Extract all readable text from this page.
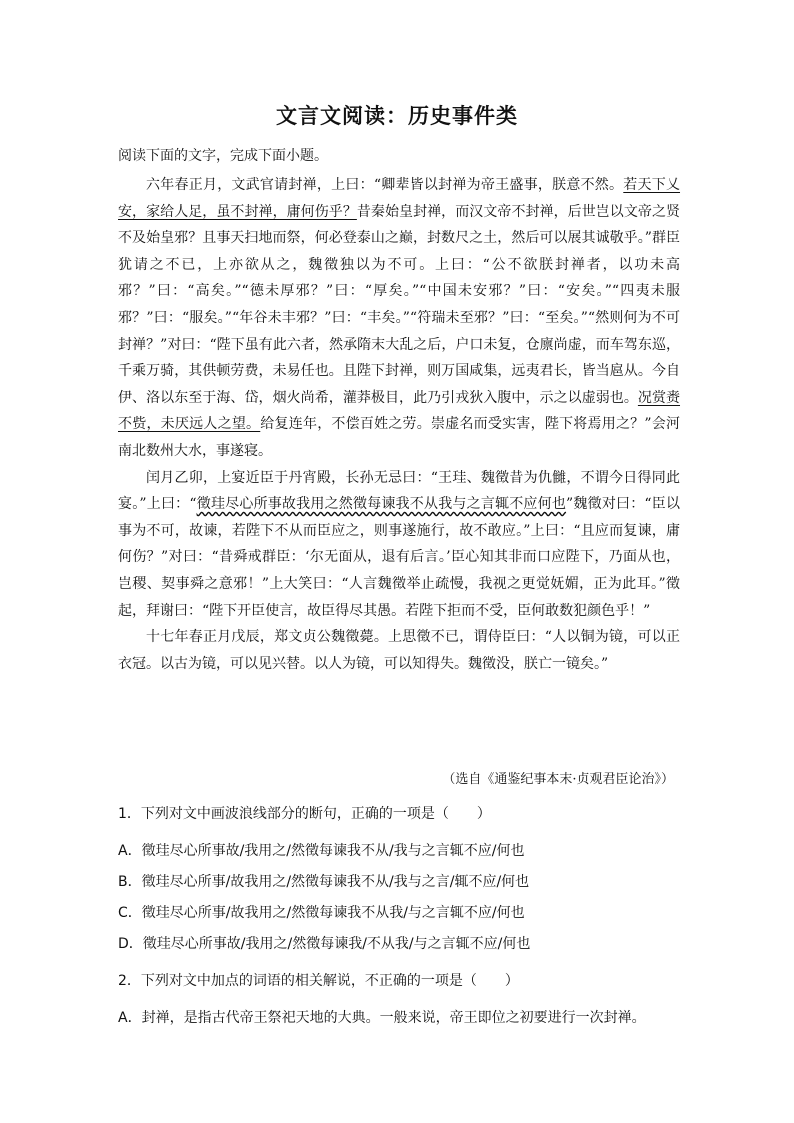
文言文阅读：历史事件类
阅读下面的文字，完成下面小题。

六年春正月，文武官请封禅，上曰：“卿辈皆以封禅为帝王盛事，朕意不然。若天下乂安，家给人足，虽不封禅，庸何伤乎？昔秦始皇封禅，而汉文帝不封禅，后世岂以文帝之贤不及始皇邪？且事天扫地而祭，何必登泰山之巅，封数尺之土，然后可以展其诚敬乎。”群臣犹请之不已，上亦欲从之，魏徵独以为不可。上曰：“公不欲朕封禅者，以功未高邪？”曰：“高矣。”“德未厚邪？”曰：“厚矣。”“中国未安邪？”曰：“安矣。”“四夷未服邪？”曰：“服矣。”“年谷未丰邪？”曰：“丰矣。”“符瑞未至邪？”曰：“至矣。”“然则何为不可封禅？”对曰：“陛下虽有此六者，然承隋末大乱之后，户口未复，仓廪尚虚，而车驾东巡，千乘万骑，其供顿劳费，未易任也。且陛下封禅，则万国咸集，远夷君长，皆当扈从。今自伊、洛以东至于海、岱，烟火尚希，灌莽极目，此乃引戎狄入腹中，示之以虚弱也。况赏赉不赀，未厌远人之望。给复连年，不偿百姓之劳。崇虚名而受实害，陛下将焉用之？”会河南北数州大水，事遂寝。

闰月乙卯，上宴近臣于丹宵殿，长孙无忌曰：“王珪、魏徵昔为仇雠，不谓今日得同此宴。”上曰：“徵珪尽心所事故我用之然徵每谏我不从我与之言辄不应何也”魏徵对曰：“臣以事为不可，故谏，若陛下不从而臣应之，则事遂施行，故不敢应。”上曰：“且应而复谏，庸何伤？”对曰：“昔舜戒群臣：‘尔无面从，退有后言。’臣心知其非而口应陛下，乃面从也，岂稷、契事舜之意邪！”上大笑曰：“人言魏徵举止疏慢，我视之更觉妩媚，正为此耳。”徵起，拜谢曰：“陛下开臣使言，故臣得尽其愚。若陛下拒而不受，臣何敢数犯颜色乎！”

十七年春正月戊辰，郑文贞公魏徵薨。上思徵不已，谓侍臣曰：“人以铜为镜，可以正衣冠。以古为镜，可以见兴替。以人为镜，可以知得失。魏徵没，朕亡一镜矣。”

（选自《通鉴纪事本末·贞观君臣论治》）
1．下列对文中画波浪线部分的断句，正确的一项是（　　）
A．徵珪尽心所事故/我用之/然徵每谏我不从/我与之言辄不应/何也
B．徵珪尽心所事/故我用之/然徵每谏我不从/我与之言/辄不应/何也
C．徵珪尽心所事/故我用之/然徵每谏我不从我/与之言辄不应/何也
D．徵珪尽心所事故/我用之/然徵每谏我/不从我/与之言辄不应/何也
2．下列对文中加点的词语的相关解说，不正确的一项是（　　）
A．封禅，是指古代帝王祭祀天地的大典。一般来说，帝王即位之初要进行一次封禅。
